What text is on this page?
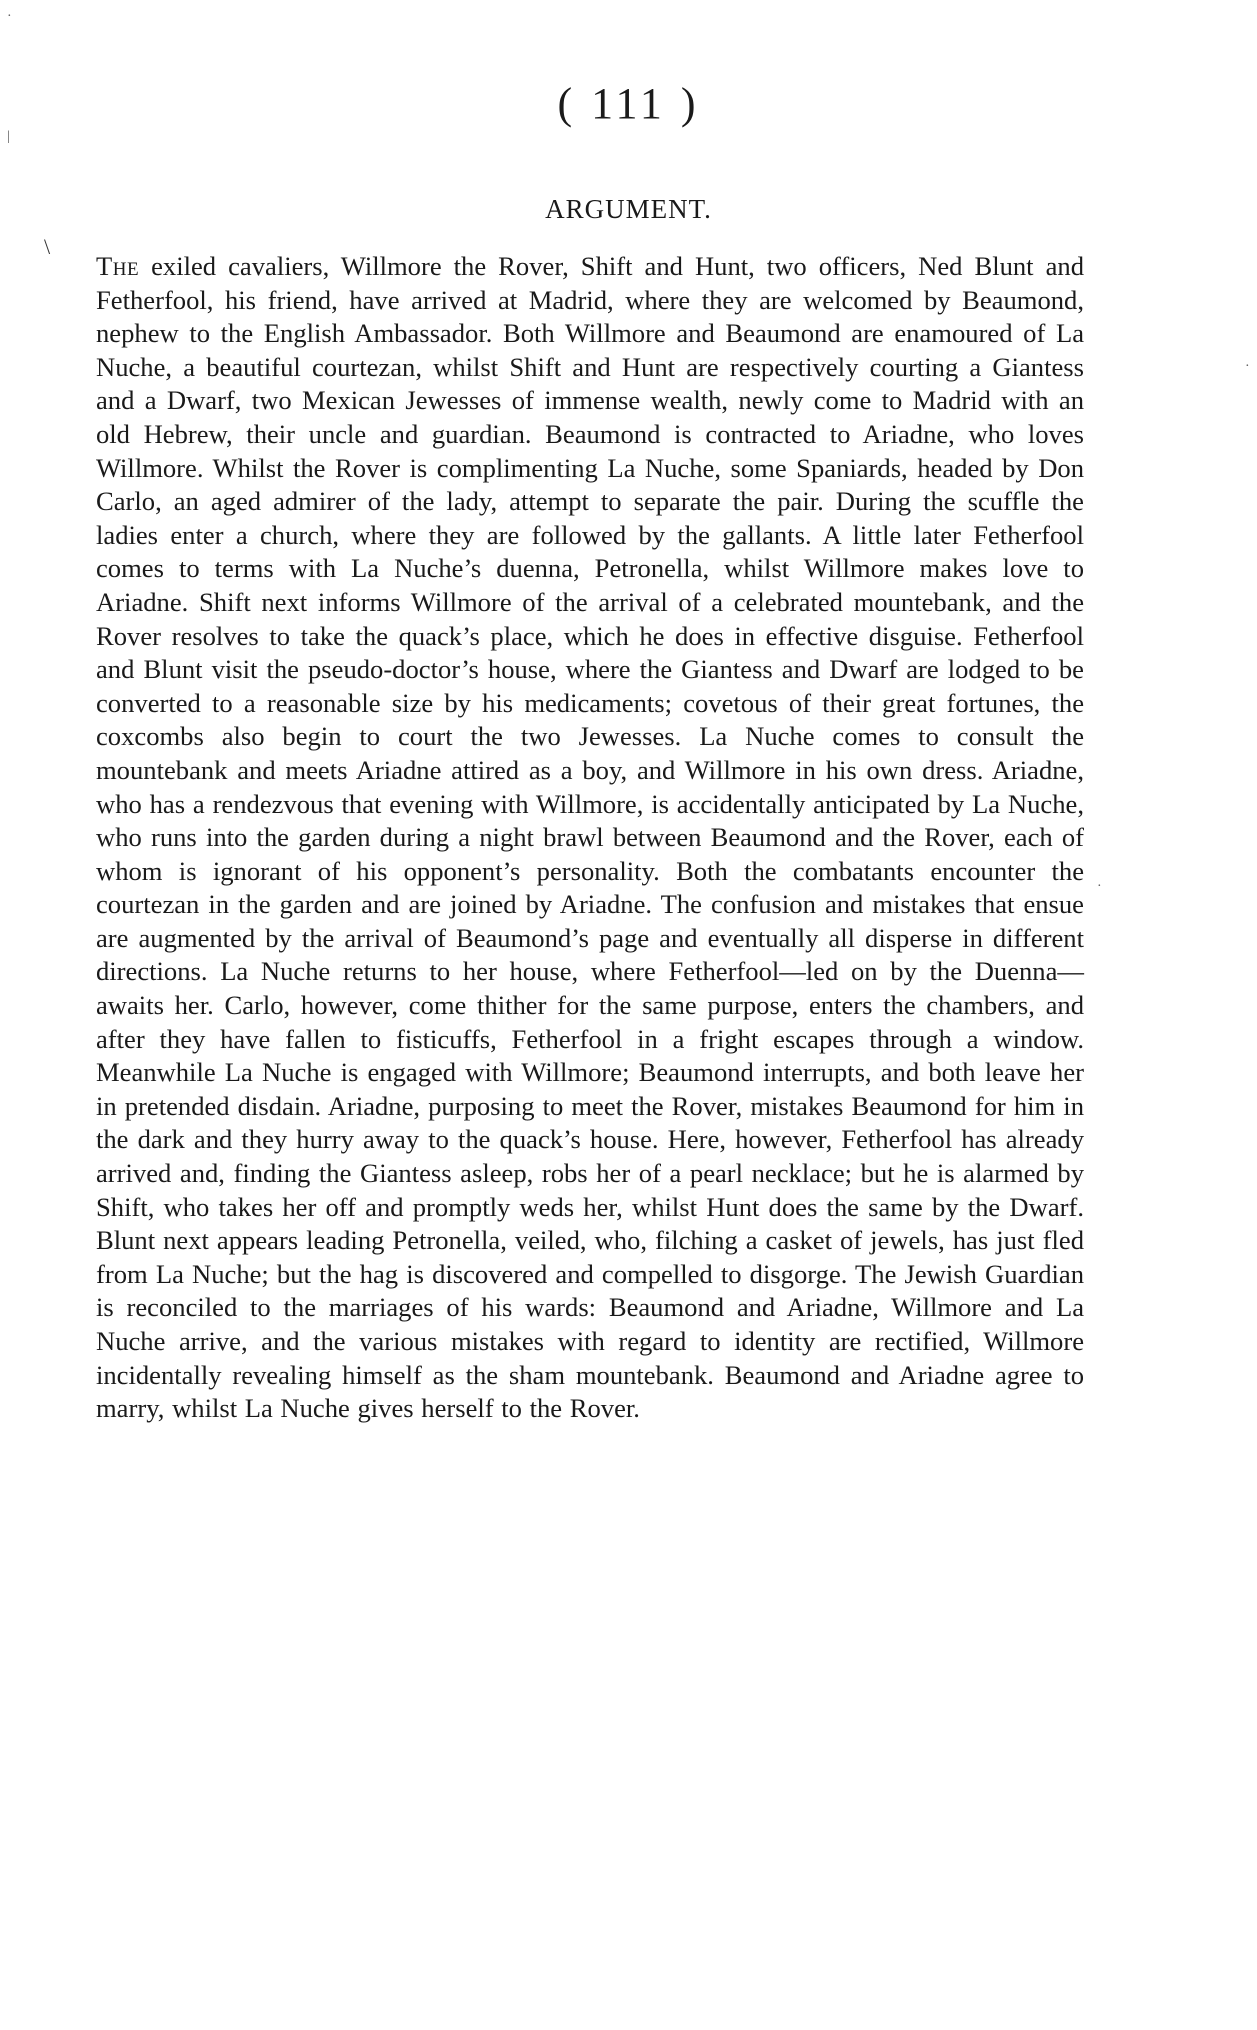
·
|
\
·
·
( 111 )
ARGUMENT.

The exiled cavaliers, Willmore the Rover, Shift and Hunt, two officers, Ned Blunt and Fetherfool, his friend, have arrived at Madrid, where they are welcomed by Beaumond, nephew to the English Ambassador. Both Willmore and Beaumond are enamoured of La Nuche, a beautiful courtezan, whilst Shift and Hunt are respectively courting a Giantess and a Dwarf, two Mexican Jewesses of immense wealth, newly come to Madrid with an old Hebrew, their uncle and guardian. Beaumond is contracted to Ariadne, who loves Willmore. Whilst the Rover is complimenting La Nuche, some Spaniards, headed by Don Carlo, an aged admirer of the lady, attempt to separate the pair. During the scuffle the ladies enter a church, where they are followed by the gallants. A little later Fetherfool comes to terms with La Nuche’s duenna, Petronella, whilst Willmore makes love to Ariadne. Shift next informs Willmore of the arrival of a celebrated mountebank, and the Rover resolves to take the quack’s place, which he does in effective disguise. Fetherfool and Blunt visit the pseudo-doctor’s house, where the Giantess and Dwarf are lodged to be converted to a reasonable size by his medicaments; covetous of their great fortunes, the coxcombs also begin to court the two Jewesses. La Nuche comes to consult the mountebank and meets Ariadne attired as a boy, and Willmore in his own dress. Ariadne, who has a rendezvous that evening with Willmore, is accidentally anticipated by La Nuche, who runs into the garden during a night brawl between Beaumond and the Rover, each of whom is ignorant of his opponent’s personality. Both the combatants encounter the courtezan in the garden and are joined by Ariadne. The confusion and mistakes that ensue are augmented by the arrival of Beaumond’s page and eventually all disperse in different directions. La Nuche returns to her house, where Fetherfool—led on by the Duenna—awaits her. Carlo, however, come thither for the same purpose, enters the chambers, and after they have fallen to fisticuffs, Fetherfool in a fright escapes through a window. Meanwhile La Nuche is engaged with Willmore; Beaumond interrupts, and both leave her in pretended disdain. Ariadne, purposing to meet the Rover, mistakes Beaumond for him in the dark and they hurry away to the quack’s house. Here, however, Fetherfool has already arrived and, finding the Giantess asleep, robs her of a pearl necklace; but he is alarmed by Shift, who takes her off and promptly weds her, whilst Hunt does the same by the Dwarf. Blunt next appears leading Petronella, veiled, who, filching a casket of jewels, has just fled from La Nuche; but the hag is discovered and compelled to disgorge. The Jewish Guardian is reconciled to the marriages of his wards: Beaumond and Ariadne, Willmore and La Nuche arrive, and the various mistakes with regard to identity are rectified, Willmore incidentally revealing himself as the sham mountebank. Beaumond and Ariadne agree to marry, whilst La Nuche gives herself to the Rover.
